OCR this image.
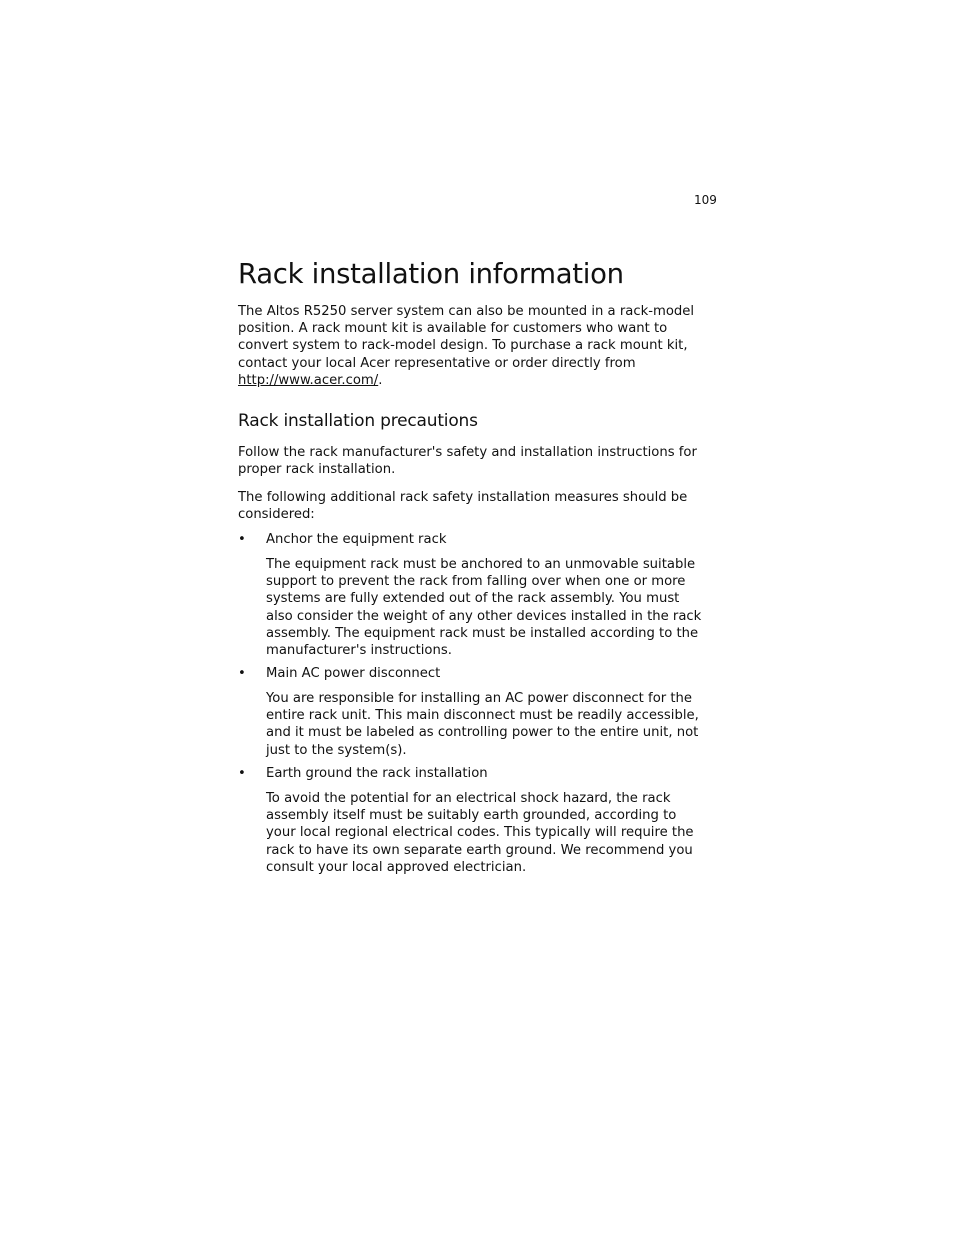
109
Rack installation information

The Altos R5250 server system can also be mounted in a rack-model position. A rack mount kit is available for customers who want to convert system to rack-model design. To purchase a rack mount kit, contact your local Acer representative or order directly from http://www.acer.com/.

Rack installation precautions

Follow the rack manufacturer's safety and installation instructions for proper rack installation.

The following additional rack safety installation measures should be considered:

• Anchor the equipment rack

The equipment rack must be anchored to an unmovable suitable support to prevent the rack from falling over when one or more systems are fully extended out of the rack assembly. You must also consider the weight of any other devices installed in the rack assembly. The equipment rack must be installed according to the manufacturer's instructions.

• Main AC power disconnect

You are responsible for installing an AC power disconnect for the entire rack unit. This main disconnect must be readily accessible, and it must be labeled as controlling power to the entire unit, not just to the system(s).

• Earth ground the rack installation

To avoid the potential for an electrical shock hazard, the rack assembly itself must be suitably earth grounded, according to your local regional electrical codes. This typically will require the rack to have its own separate earth ground. We recommend you consult your local approved electrician.
